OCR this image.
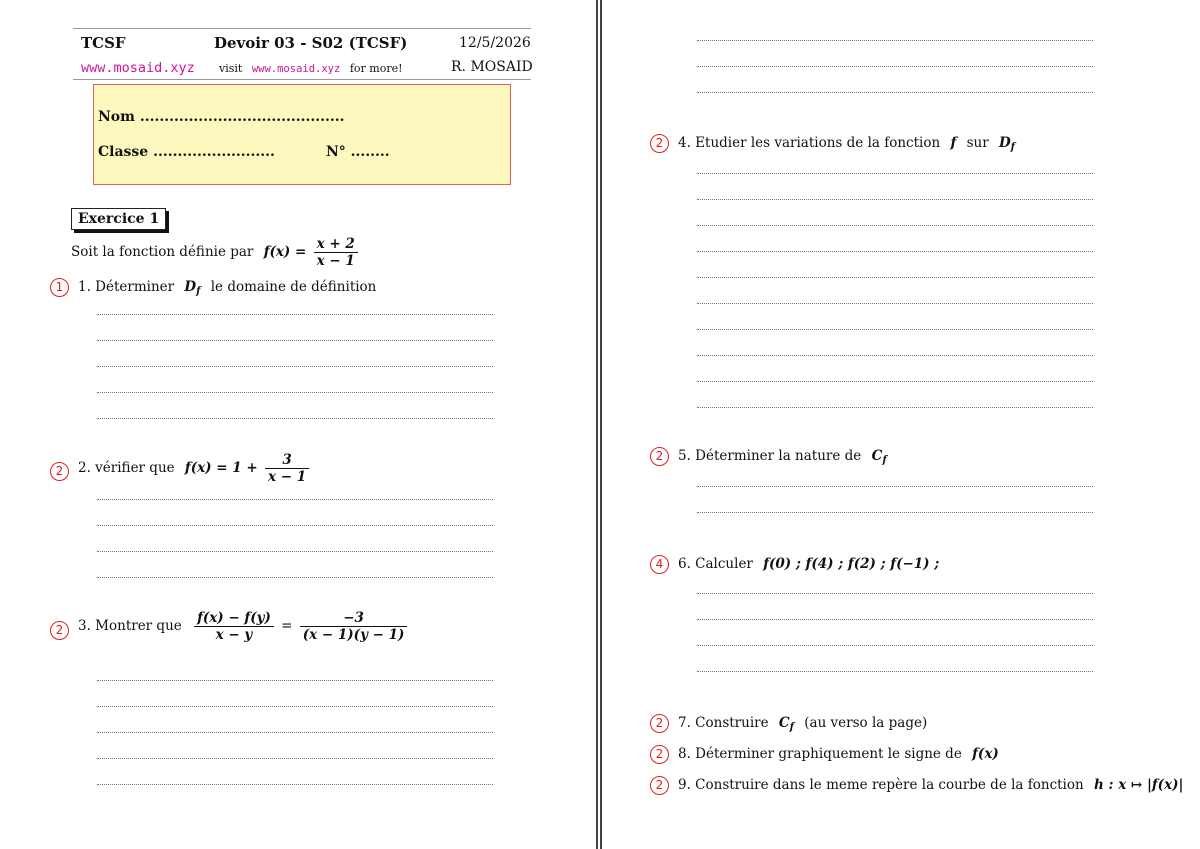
TCSF	Devoir 03 - S02 (TCSF)	12/5/2026
www.mosaid.xyz visit www.mosaid.xyz for more!	R. MOSAID
Nom ..........................................
Classe .........................	N° ........
Exercice 1
Soit la fonction définie par $f(x) = \frac{x + 2}{x - 1}$
1	1. Déterminer $D_f$ le domaine de définition
2	2. vérifier que $f(x) = 1 + \frac{3}{x - 1}$
2	3. Montrer que $\frac{f(x) - f(y)}{x - y} = \frac{-3}{(x - 1)(y - 1)}$
2	4. Etudier les variations de la fonction f sur $D_f$
2	5. Déterminer la nature de $C_f$
4	6. Calculer f(0) ; f(4) ; f(2) ; f(−1) ;
2	7. Construire $C_f$ (au verso la page)
2	8. Déterminer graphiquement le signe de f(x)
2	9. Construire dans le meme repère la courbe de la fonction h : x ↦ |f(x)|
